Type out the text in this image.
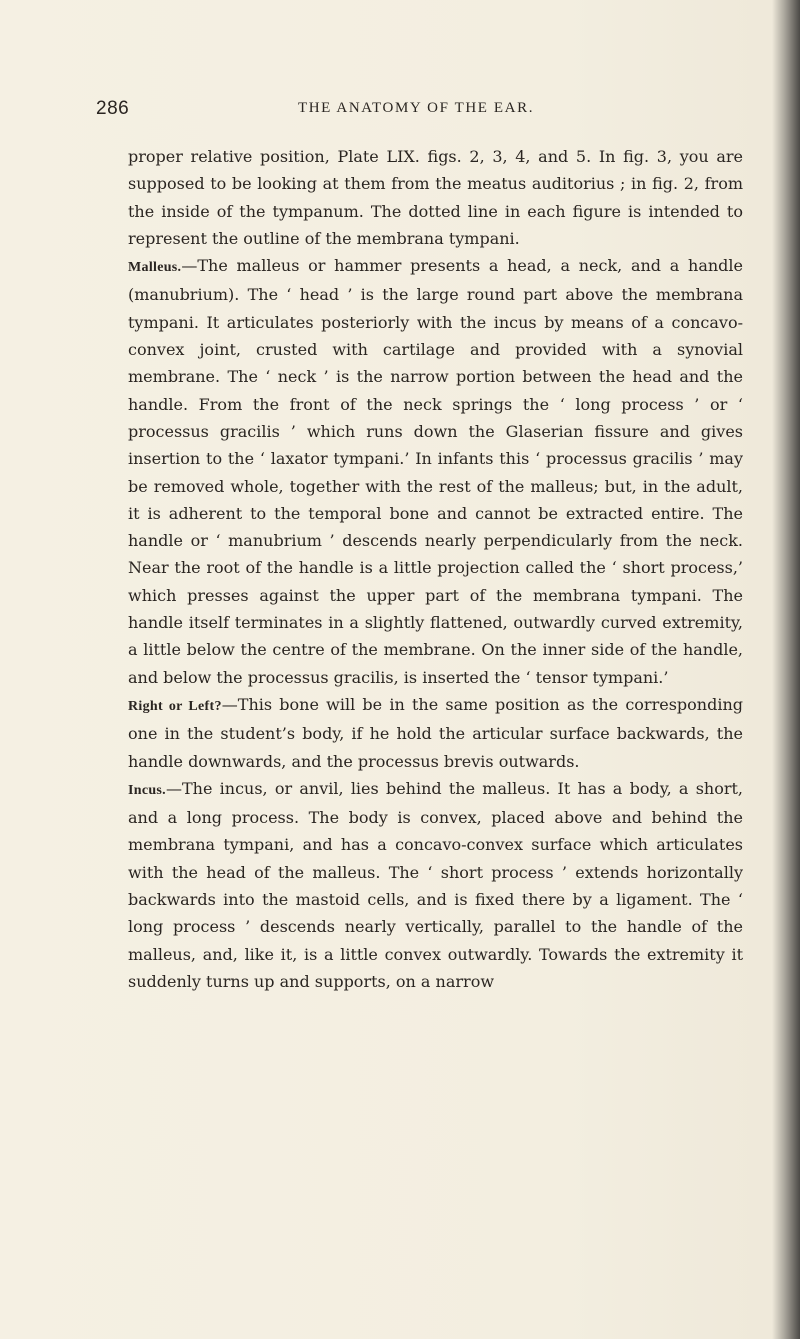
286	THE ANATOMY OF THE EAR.

proper relative position, Plate LIX. figs. 2, 3, 4, and 5. In fig. 3, you are supposed to be looking at them from the meatus auditorius ; in fig. 2, from the inside of the tympanum. The dotted line in each figure is intended to represent the outline of the membrana tympani.

Malleus.—The malleus or hammer presents a head, a neck, and a handle (manubrium). The ‘ head ’ is the large round part above the membrana tympani. It articulates posteriorly with the incus by means of a concavo-convex joint, crusted with cartilage and provided with a synovial membrane. The ‘ neck ’ is the narrow portion between the head and the handle. From the front of the neck springs the ‘ long process ’ or ‘ processus gracilis ’ which runs down the Glaserian fissure and gives insertion to the ‘ laxator tympani.’ In infants this ‘ processus gracilis ’ may be removed whole, together with the rest of the malleus; but, in the adult, it is adherent to the temporal bone and cannot be extracted entire. The handle or ‘ manubrium ’ descends nearly perpendicularly from the neck. Near the root of the handle is a little projection called the ‘ short process,’ which presses against the upper part of the membrana tympani. The handle itself terminates in a slightly flattened, outwardly curved extremity, a little below the centre of the membrane. On the inner side of the handle, and below the processus gracilis, is inserted the ‘ tensor tympani.’

Right or Left?—This bone will be in the same position as the corresponding one in the student’s body, if he hold the articular surface backwards, the handle downwards, and the processus brevis outwards.

Incus.—The incus, or anvil, lies behind the malleus. It has a body, a short, and a long process. The body is convex, placed above and behind the membrana tympani, and has a concavo-convex surface which articulates with the head of the malleus. The ‘ short process ’ extends horizontally backwards into the mastoid cells, and is fixed there by a ligament. The ‘ long process ’ descends nearly vertically, parallel to the handle of the malleus, and, like it, is a little convex outwardly. Towards the extremity it suddenly turns up and supports, on a narrow
